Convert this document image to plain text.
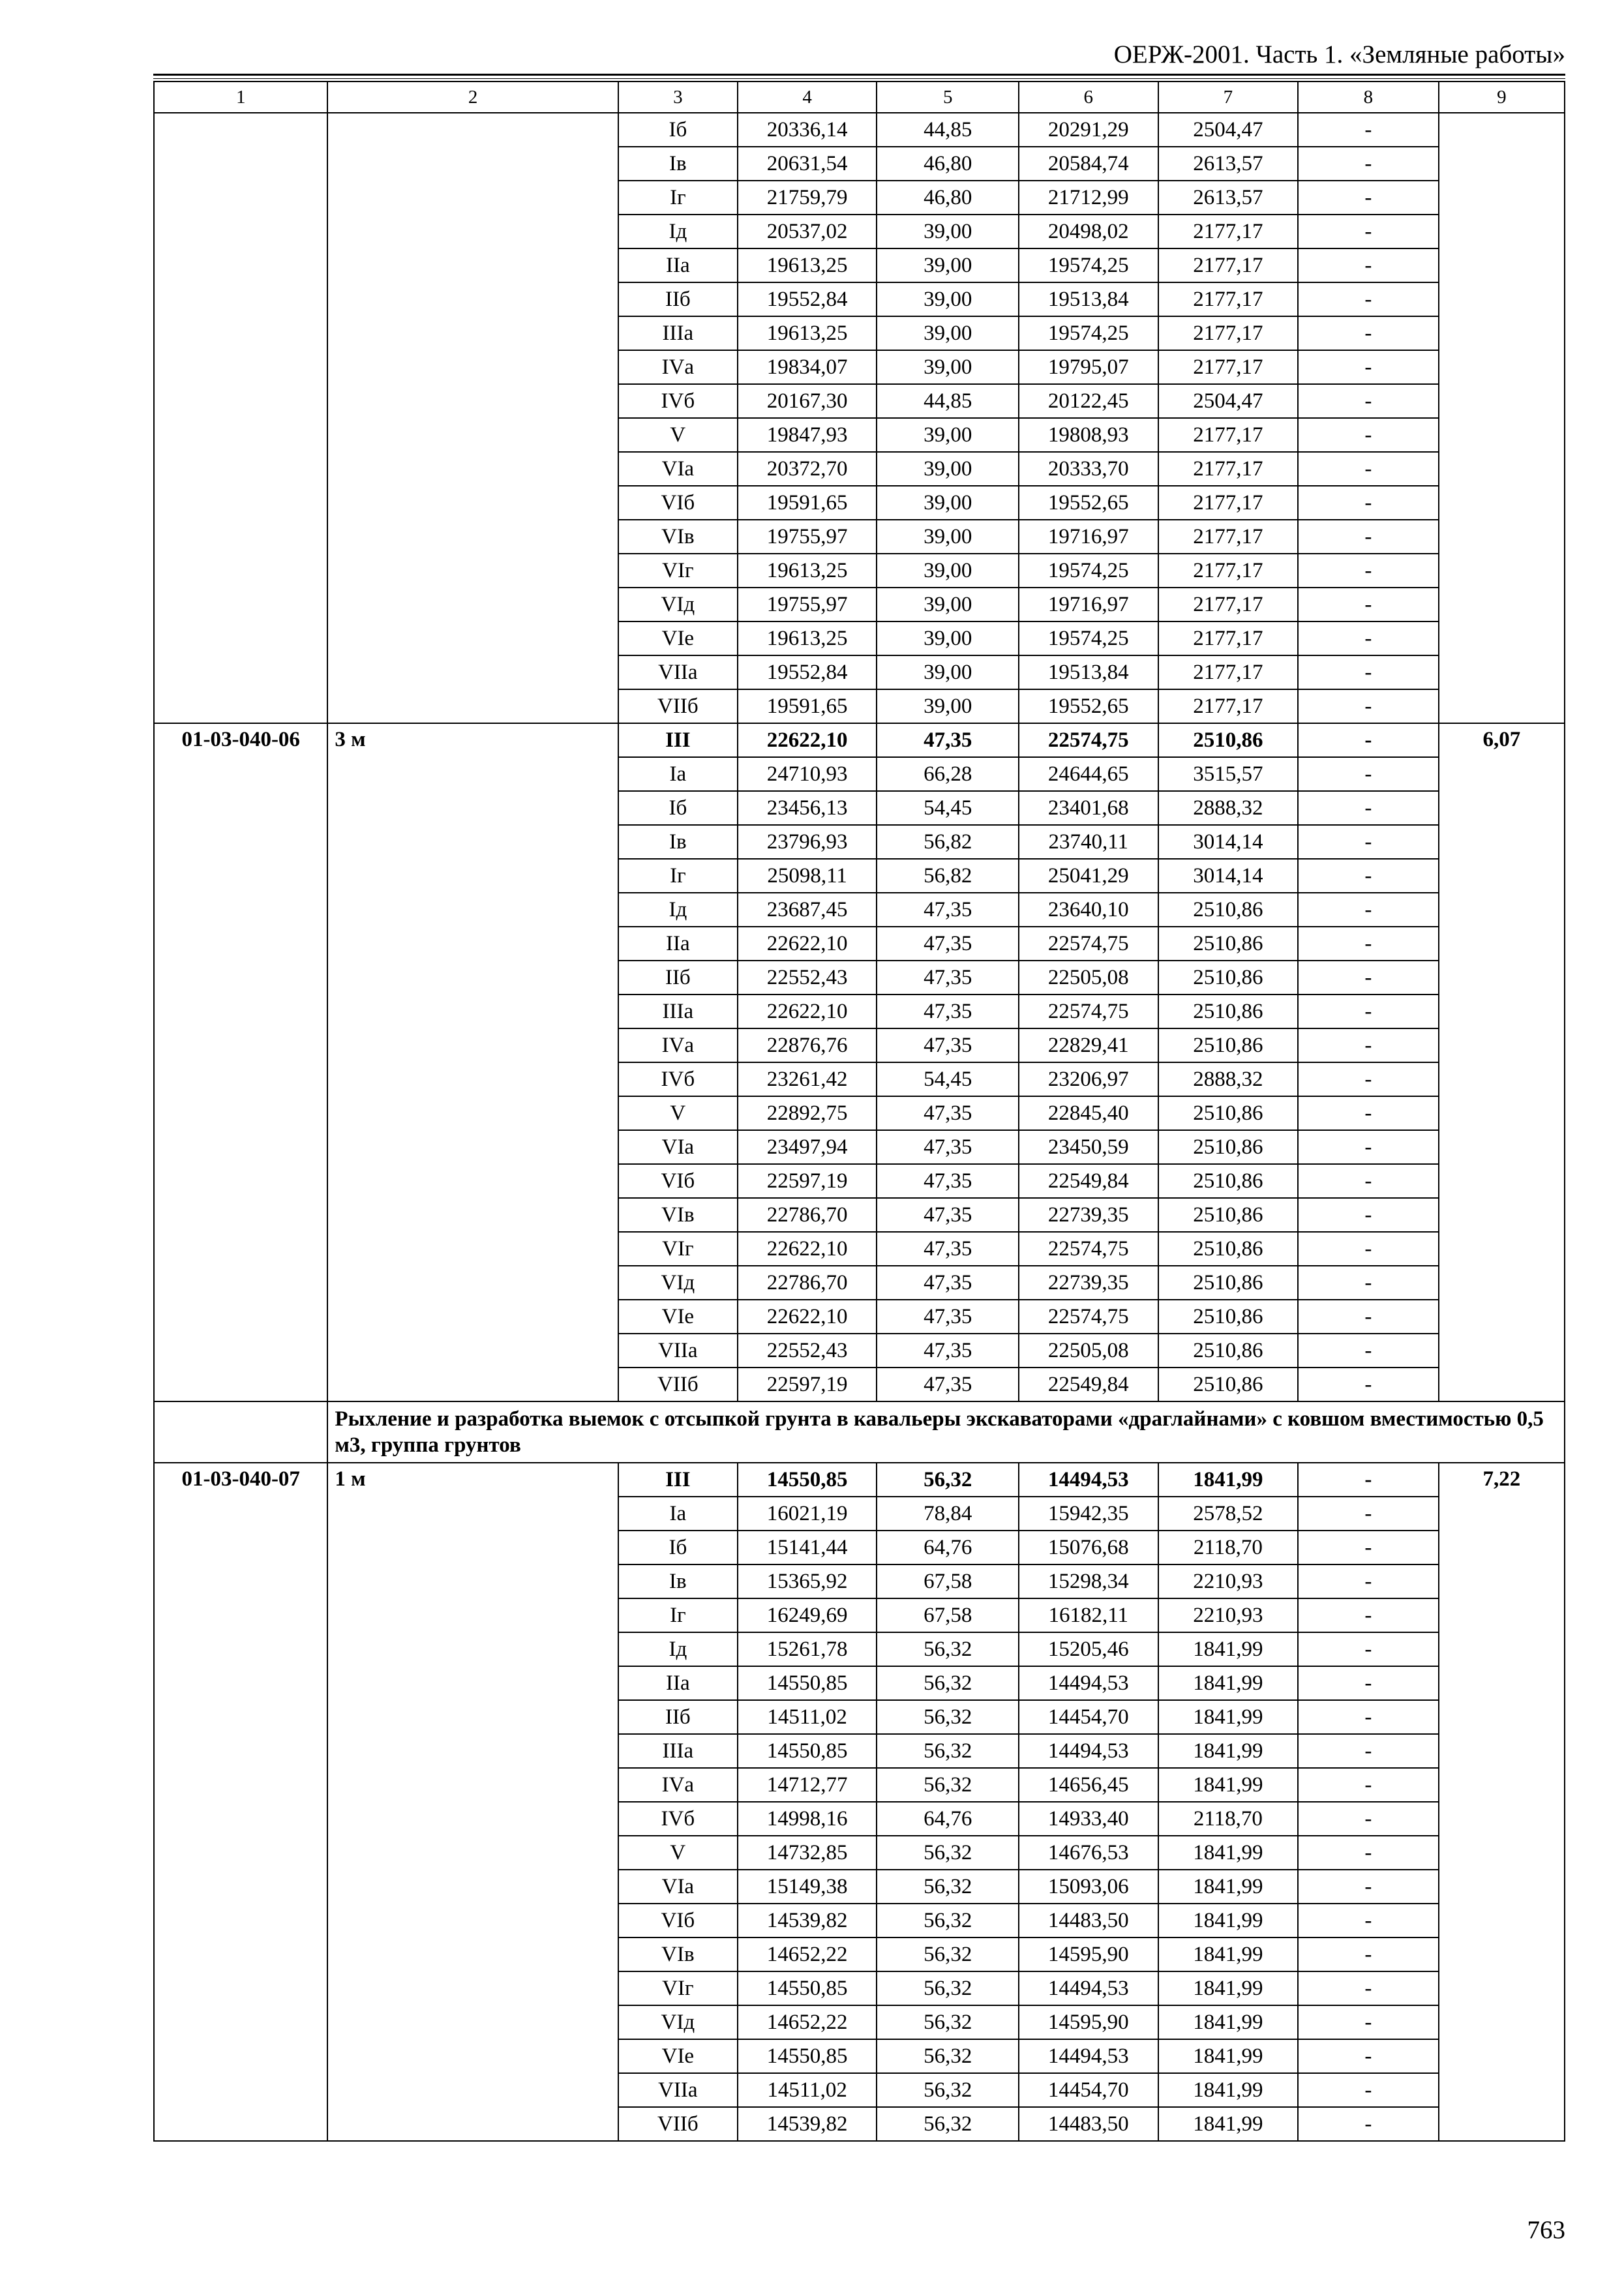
ОЕРЖ-2001. Часть 1. «Земляные работы»
1	2	3	4	5	6	7	8	9
		Iб	20336,14	44,85	20291,29	2504,47	-	
		Iв	20631,54	46,80	20584,74	2613,57	-	
		Iг	21759,79	46,80	21712,99	2613,57	-	
		Iд	20537,02	39,00	20498,02	2177,17	-	
		IIа	19613,25	39,00	19574,25	2177,17	-	
		IIб	19552,84	39,00	19513,84	2177,17	-	
		IIIа	19613,25	39,00	19574,25	2177,17	-	
		IVа	19834,07	39,00	19795,07	2177,17	-	
		IVб	20167,30	44,85	20122,45	2504,47	-	
		V	19847,93	39,00	19808,93	2177,17	-	
		VIа	20372,70	39,00	20333,70	2177,17	-	
		VIб	19591,65	39,00	19552,65	2177,17	-	
		VIв	19755,97	39,00	19716,97	2177,17	-	
		VIг	19613,25	39,00	19574,25	2177,17	-	
		VIд	19755,97	39,00	19716,97	2177,17	-	
		VIе	19613,25	39,00	19574,25	2177,17	-	
		VIIа	19552,84	39,00	19513,84	2177,17	-	
		VIIб	19591,65	39,00	19552,65	2177,17	-	
01-03-040-06	3 м	III	22622,10	47,35	22574,75	2510,86	-	6,07
		Iа	24710,93	66,28	24644,65	3515,57	-	
		Iб	23456,13	54,45	23401,68	2888,32	-	
		Iв	23796,93	56,82	23740,11	3014,14	-	
		Iг	25098,11	56,82	25041,29	3014,14	-	
		Iд	23687,45	47,35	23640,10	2510,86	-	
		IIа	22622,10	47,35	22574,75	2510,86	-	
		IIб	22552,43	47,35	22505,08	2510,86	-	
		IIIа	22622,10	47,35	22574,75	2510,86	-	
		IVа	22876,76	47,35	22829,41	2510,86	-	
		IVб	23261,42	54,45	23206,97	2888,32	-	
		V	22892,75	47,35	22845,40	2510,86	-	
		VIа	23497,94	47,35	23450,59	2510,86	-	
		VIб	22597,19	47,35	22549,84	2510,86	-	
		VIв	22786,70	47,35	22739,35	2510,86	-	
		VIг	22622,10	47,35	22574,75	2510,86	-	
		VIд	22786,70	47,35	22739,35	2510,86	-	
		VIе	22622,10	47,35	22574,75	2510,86	-	
		VIIа	22552,43	47,35	22505,08	2510,86	-	
		VIIб	22597,19	47,35	22549,84	2510,86	-	
	Рыхление и разработка выемок с отсыпкой грунта в кавальеры экскаваторами «драглайнами» с ковшом вместимостью 0,5 м3, группа грунтов							
01-03-040-07	1 м	III	14550,85	56,32	14494,53	1841,99	-	7,22
		Iа	16021,19	78,84	15942,35	2578,52	-	
		Iб	15141,44	64,76	15076,68	2118,70	-	
		Iв	15365,92	67,58	15298,34	2210,93	-	
		Iг	16249,69	67,58	16182,11	2210,93	-	
		Iд	15261,78	56,32	15205,46	1841,99	-	
		IIа	14550,85	56,32	14494,53	1841,99	-	
		IIб	14511,02	56,32	14454,70	1841,99	-	
		IIIа	14550,85	56,32	14494,53	1841,99	-	
		IVа	14712,77	56,32	14656,45	1841,99	-	
		IVб	14998,16	64,76	14933,40	2118,70	-	
		V	14732,85	56,32	14676,53	1841,99	-	
		VIа	15149,38	56,32	15093,06	1841,99	-	
		VIб	14539,82	56,32	14483,50	1841,99	-	
		VIв	14652,22	56,32	14595,90	1841,99	-	
		VIг	14550,85	56,32	14494,53	1841,99	-	
		VIд	14652,22	56,32	14595,90	1841,99	-	
		VIе	14550,85	56,32	14494,53	1841,99	-	
		VIIа	14511,02	56,32	14454,70	1841,99	-	
		VIIб	14539,82	56,32	14483,50	1841,99	-	
763
